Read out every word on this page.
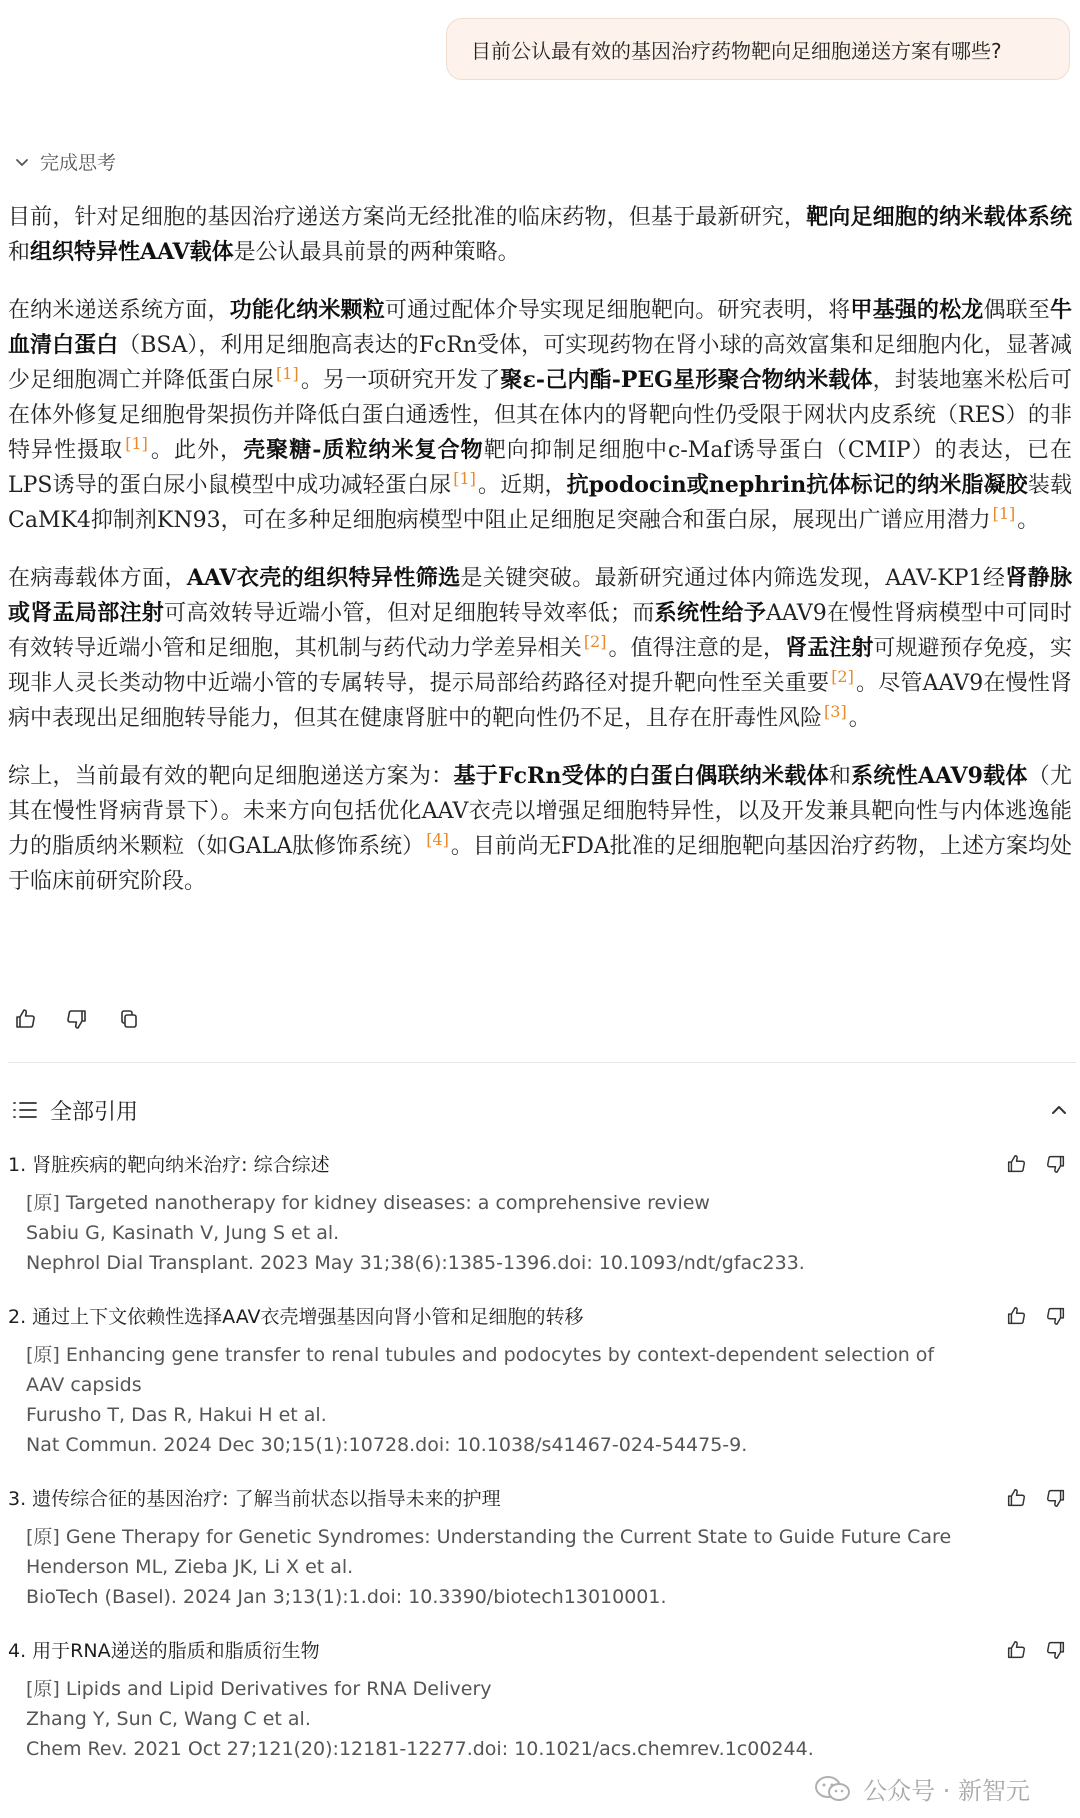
目前公认最有效的基因治疗药物靶向足细胞递送方案有哪些?
完成思考

目前，针对足细胞的基因治疗递送方案尚无经批准的临床药物，但基于最新研究，靶向足细胞的纳米载体系统和组织特异性AAV载体是公认最具前景的两种策略。

在纳米递送系统方面，功能化纳米颗粒可通过配体介导实现足细胞靶向。研究表明，将甲基强的松龙偶联至牛血清白蛋白（BSA），利用足细胞高表达的FcRn受体，可实现药物在肾小球的高效富集和足细胞内化，显著减少足细胞凋亡并降低蛋白尿 [1]。另一项研究开发了聚ε-己内酯-PEG星形聚合物纳米载体，封装地塞米松后可在体外修复足细胞骨架损伤并降低白蛋白通透性，但其在体内的肾靶向性仍受限于网状内皮系统（RES）的非特异性摄取 [1]。此外，壳聚糖-质粒纳米复合物靶向抑制足细胞中c-Maf诱导蛋白（CMIP）的表达，已在LPS诱导的蛋白尿小鼠模型中成功减轻蛋白尿 [1]。近期，抗podocin或nephrin抗体标记的纳米脂凝胶装载CaMK4抑制剂KN93，可在多种足细胞病模型中阻止足细胞足突融合和蛋白尿，展现出广谱应用潜力 [1]。

在病毒载体方面，AAV衣壳的组织特异性筛选是关键突破。最新研究通过体内筛选发现，AAV-KP1经肾静脉或肾盂局部注射可高效转导近端小管，但对足细胞转导效率低；而系统性给予AAV9在慢性肾病模型中可同时有效转导近端小管和足细胞，其机制与药代动力学差异相关 [2]。值得注意的是，肾盂注射可规避预存免疫，实现非人灵长类动物中近端小管的专属转导，提示局部给药路径对提升靶向性至关重要 [2]。尽管AAV9在慢性肾病中表现出足细胞转导能力，但其在健康肾脏中的靶向性仍不足，且存在肝毒性风险 [3]。

综上，当前最有效的靶向足细胞递送方案为：基于FcRn受体的白蛋白偶联纳米载体和系统性AAV9载体（尤其在慢性肾病背景下）。未来方向包括优化AAV衣壳以增强足细胞特异性，以及开发兼具靶向性与内体逃逸能力的脂质纳米颗粒（如GALA肽修饰系统） [4]。目前尚无FDA批准的足细胞靶向基因治疗药物，上述方案均处于临床前研究阶段。

全部引用
1. 肾脏疾病的靶向纳米治疗: 综合综述
[原] Targeted nanotherapy for kidney diseases: a comprehensive review
Sabiu G, Kasinath V, Jung S et al.
Nephrol Dial Transplant. 2023 May 31;38(6):1385-1396.doi: 10.1093/ndt/gfac233.
2. 通过上下文依赖性选择AAV衣壳增强基因向肾小管和足细胞的转移
[原] Enhancing gene transfer to renal tubules and podocytes by context-dependent selection of AAV capsids
Furusho T, Das R, Hakui H et al.
Nat Commun. 2024 Dec 30;15(1):10728.doi: 10.1038/s41467-024-54475-9.
3. 遗传综合征的基因治疗: 了解当前状态以指导未来的护理
[原] Gene Therapy for Genetic Syndromes: Understanding the Current State to Guide Future Care
Henderson ML, Zieba JK, Li X et al.
BioTech (Basel). 2024 Jan 3;13(1):1.doi: 10.3390/biotech13010001.
4. 用于RNA递送的脂质和脂质衍生物
[原] Lipids and Lipid Derivatives for RNA Delivery
Zhang Y, Sun C, Wang C et al.
Chem Rev. 2021 Oct 27;121(20):12181-12277.doi: 10.1021/acs.chemrev.1c00244.
公众号 · 新智元
